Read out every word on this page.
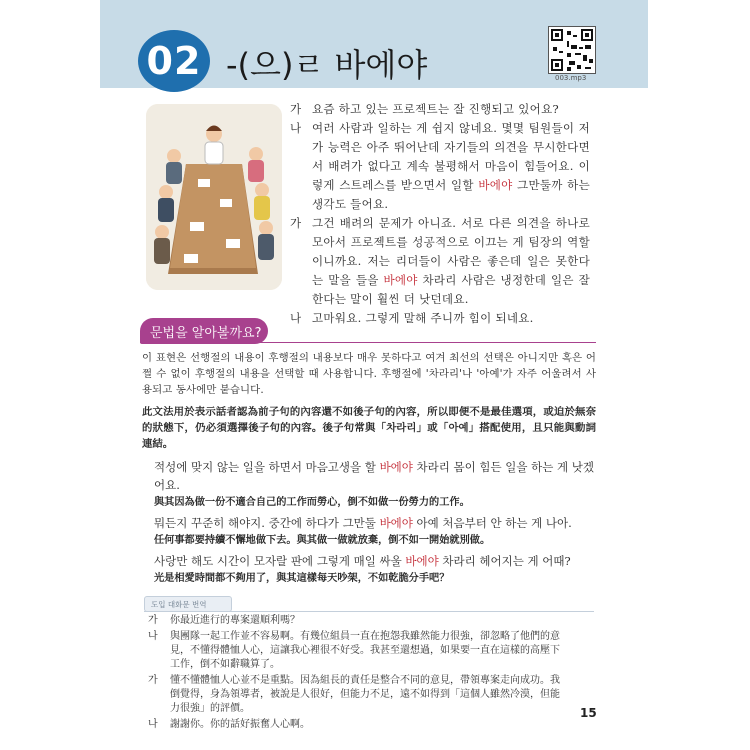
02 -(으)ㄹ 바에야	003.mp3
가 요즘 하고 있는 프로젝트는 잘 진행되고 있어요?
나 여러 사람과 일하는 게 쉽지 않네요. 몇몇 팀원들이 저가 능력은 아주 뛰어난데 자기들의 의견을 무시한다면서 배려가 없다고 계속 불평해서 마음이 힘들어요. 이렇게 스트레스를 받으면서 일할 바에야 그만둘까 하는 생각도 들어요.
가 그건 배려의 문제가 아니죠. 서로 다른 의견을 하나로 모아서 프로젝트를 성공적으로 이끄는 게 팀장의 역할이니까요. 저는 리더들이 사람은 좋은데 일은 못한다는 말을 들을 바에야 차라리 사람은 냉정한데 일은 잘한다는 말이 훨씬 더 낫던데요.
나 고마워요. 그렇게 말해 주니까 힘이 되네요.
문법을 알아볼까요?
이 표현은 선행절의 내용이 후행절의 내용보다 매우 못하다고 여겨 최선의 선택은 아니지만 혹은 어쩔 수 없이 후행절의 내용을 선택할 때 사용합니다. 후행절에 '차라리'나 '아예'가 자주 어울려서 사용되고 동사에만 붙습니다.
此文法用於表示話者認為前子句的內容還不如後子句的內容，所以即便不是最佳選項，或迫於無奈的狀態下，仍必須選擇後子句的內容。後子句常與「차라리」或「아예」搭配使用，且只能與動詞連結。
적성에 맞지 않는 일을 하면서 마음고생을 할 바에야 차라리 몸이 힘든 일을 하는 게 낫겠어요.
與其因為做一份不適合自己的工作而勞心，倒不如做一份勞力的工作。
뭐든지 꾸준히 해야지. 중간에 하다가 그만둘 바에야 아예 처음부터 안 하는 게 나아.
任何事都要持續不懈地做下去。與其做一做就放棄，倒不如一開始就別做。
사랑만 해도 시간이 모자랄 판에 그렇게 매일 싸울 바에야 차라리 헤어지는 게 어때?
光是相愛時間都不夠用了，與其這樣每天吵架，不如乾脆分手吧？
도입 대화문 번역
가	你最近進行的專案還順利嗎？
나	與團隊一起工作並不容易啊。有幾位組員一直在抱怨我雖然能力很強，卻忽略了他們的意見，不懂得體恤人心，這讓我心裡很不好受。我甚至還想過，如果要一直在這樣的高壓下工作，倒不如辭職算了。
가	懂不懂體恤人心並不是重點。因為組長的責任是整合不同的意見，帶領專案走向成功。我倒覺得，身為領導者，被說是人很好，但能力不足，遠不如得到「這個人雖然冷漠，但能力很強」的評價。
나	謝謝你。你的話好振奮人心啊。
15
